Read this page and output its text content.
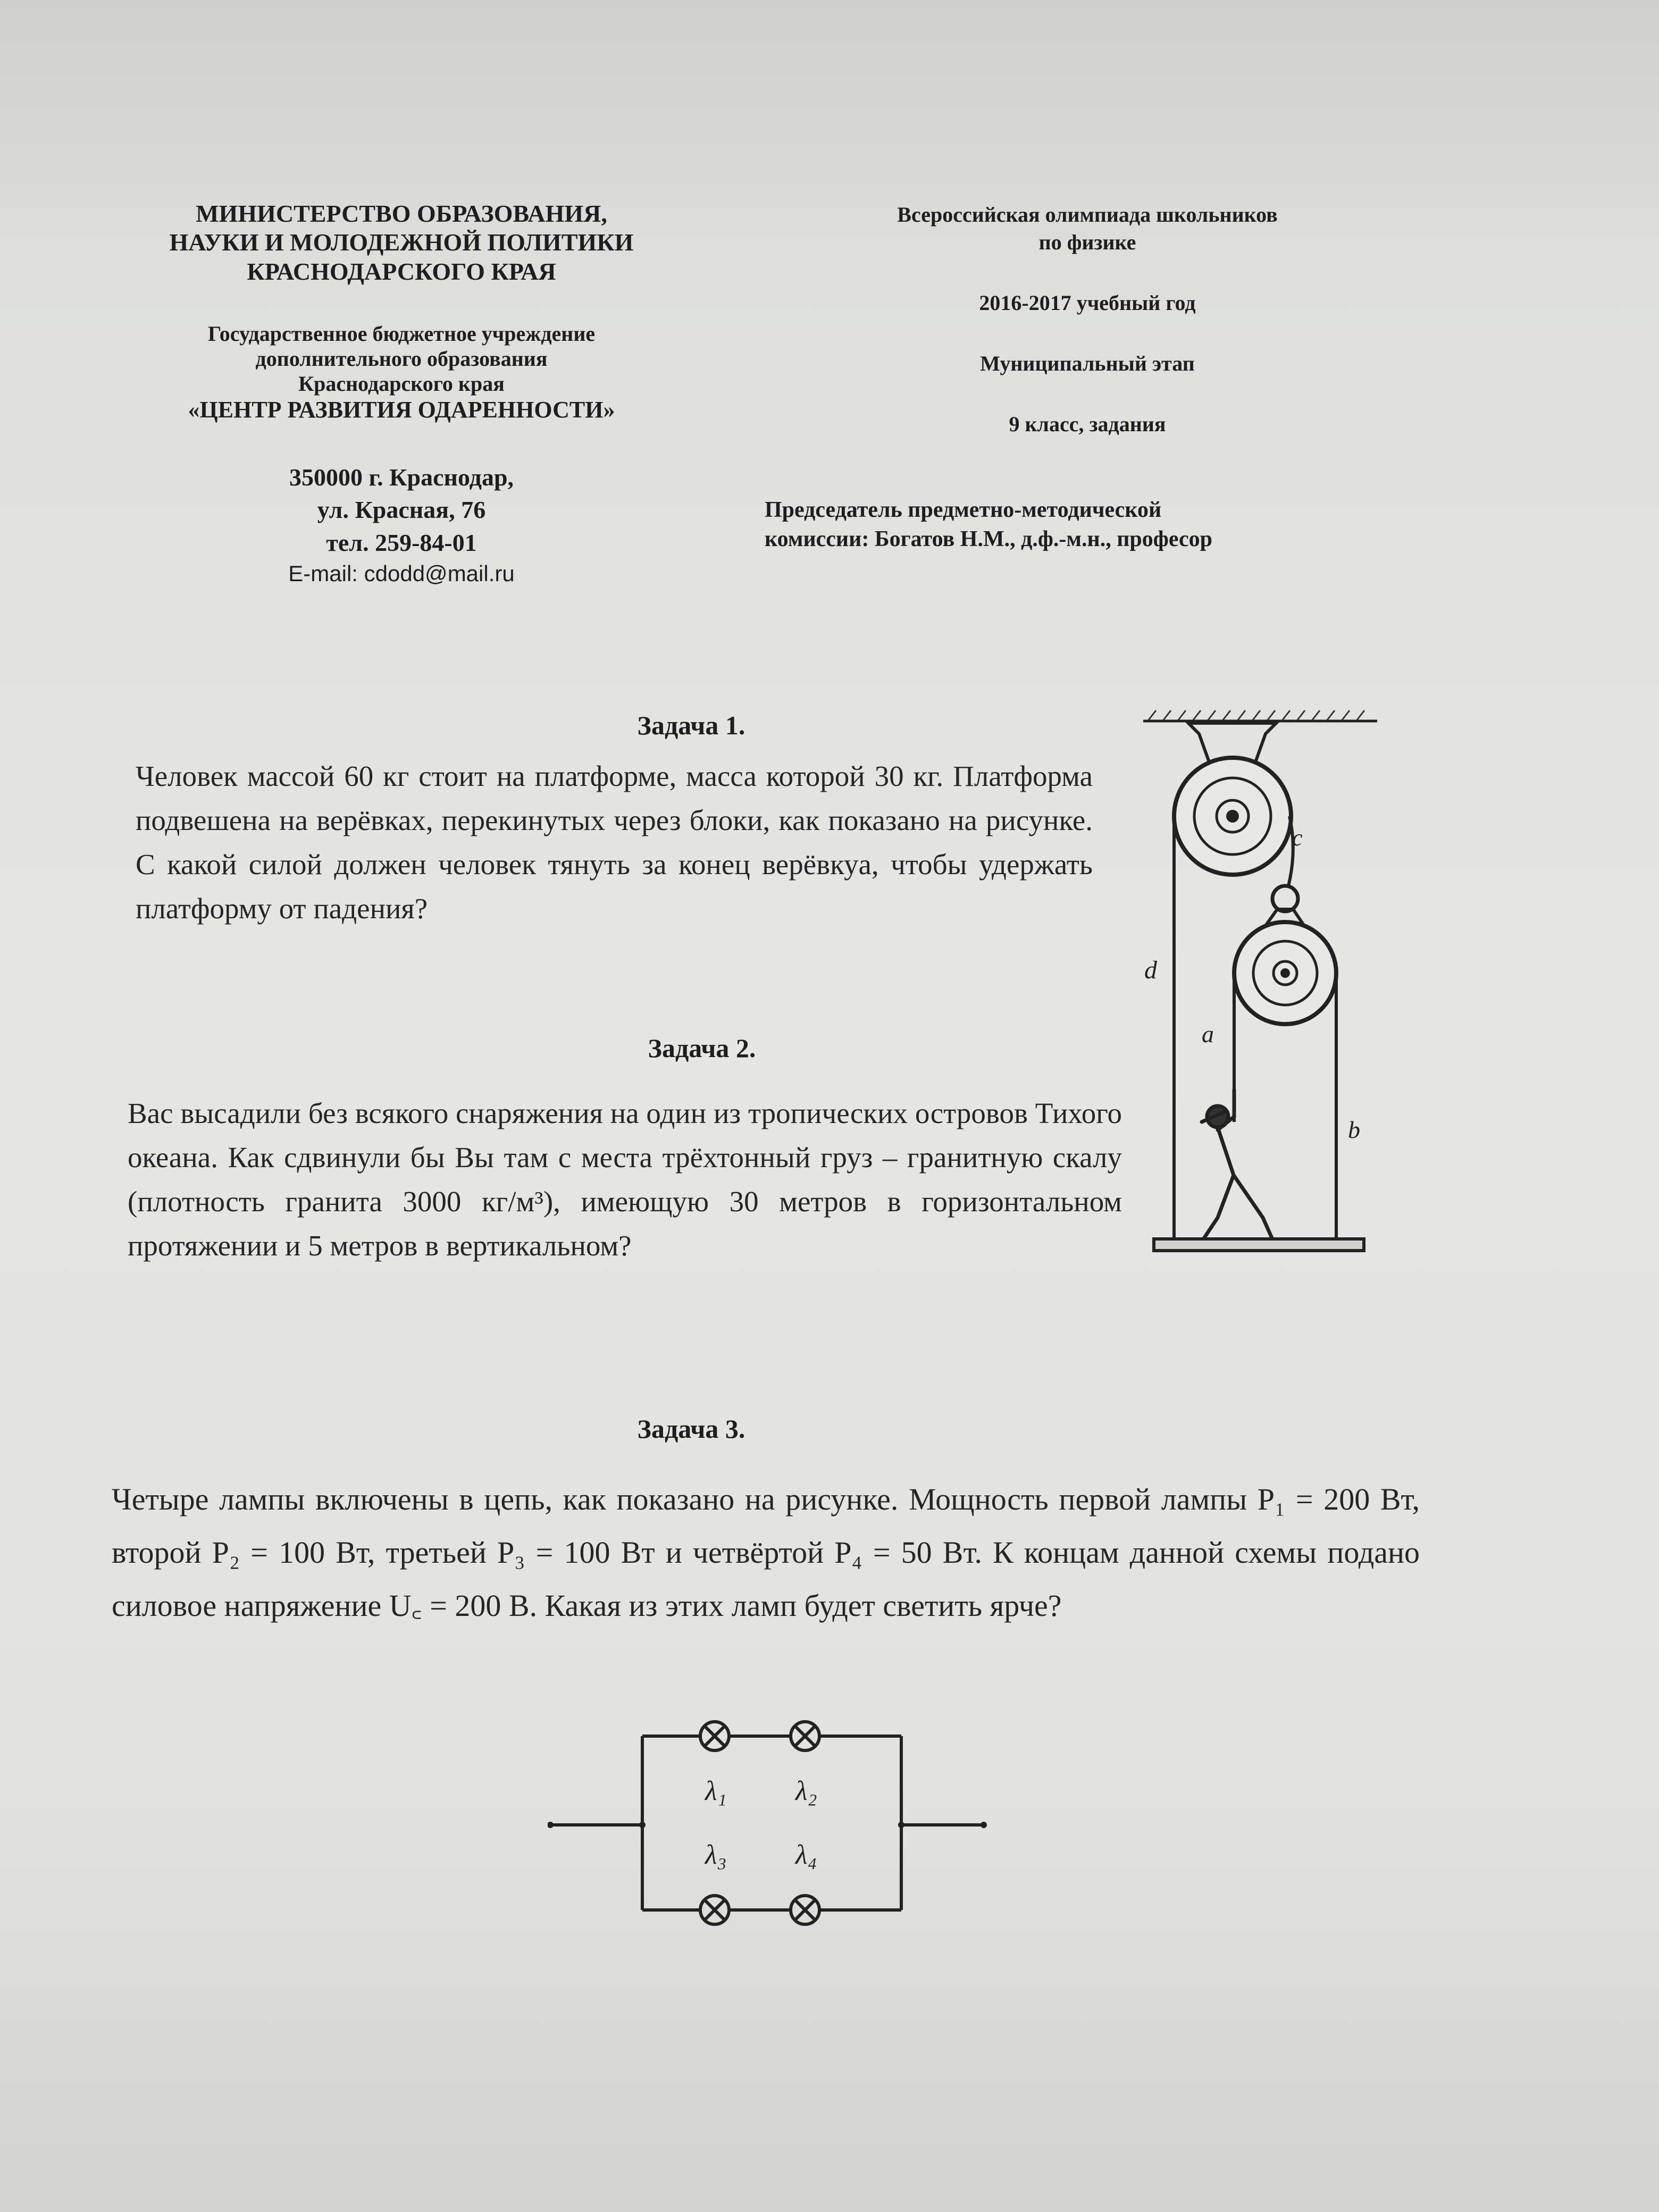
МИНИСТЕРСТВО ОБРАЗОВАНИЯ,
НАУКИ И МОЛОДЕЖНОЙ ПОЛИТИКИ
КРАСНОДАРСКОГО КРАЯ
Государственное бюджетное учреждение
дополнительного образования
Краснодарского края
«ЦЕНТР РАЗВИТИЯ ОДАРЕННОСТИ»
350000 г. Краснодар,
ул. Красная, 76
тел. 259-84-01
E-mail: cdodd@mail.ru
Всероссийская олимпиада школьников
по физике
2016-2017 учебный год
Муниципальный этап
9 класс, задания
Председатель предметно-методической
комиссии: Богатов Н.М., д.ф.-м.н., професор
Задача 1.
Человек массой 60 кг стоит на платформе, масса которой 30 кг. Платформа подвешена на верёвках, перекинутых через блоки, как показано на рисунке. С какой силой должен человек тянуть за конец верёвкуa, чтобы удержать платформу от падения?
c
d
a
b
Задача 2.
Вас высадили без всякого снаряжения на один из тропических островов Тихого океана. Как сдвинули бы Вы там с места трёхтонный груз – гранитную скалу (плотность гранита 3000 кг/м³), имеющую 30 метров в горизонтальном протяжении и 5 метров в вертикальном?
Задача 3.
Четыре лампы включены в цепь, как показано на рисунке. Мощность первой лампы P₁ = 200 Вт, второй P₂ = 100 Вт, третьей P₃ = 100 Вт и четвёртой P₄ = 50 Вт. К концам данной схемы подано силовое напряжение U꜀ = 200 В. Какая из этих ламп будет светить ярче?
λ₁ λ₂
λ₃ λ₄
